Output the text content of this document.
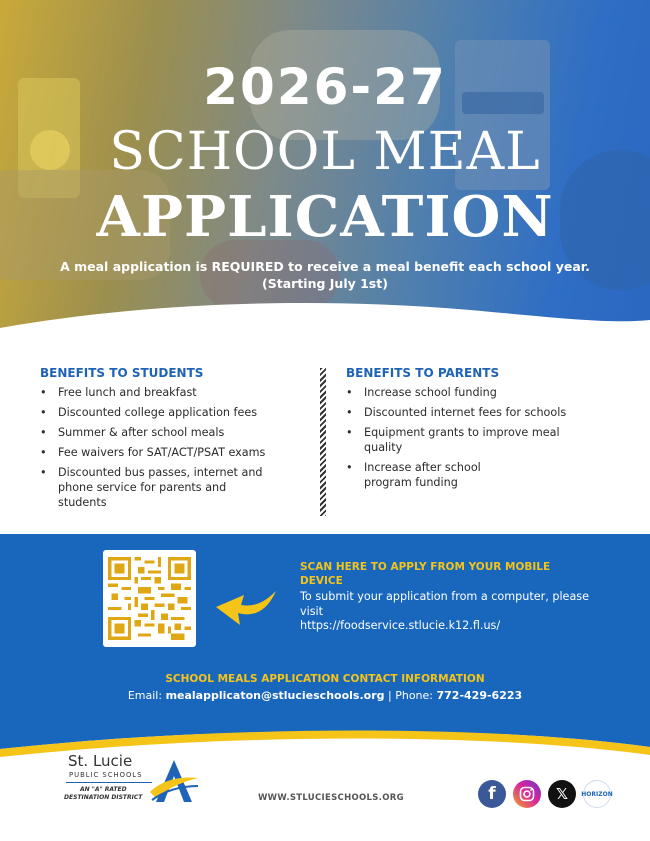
2026-27
SCHOOL MEAL
APPLICATION
A meal application is REQUIRED to receive a meal benefit each school year.
(Starting July 1st)
BENEFITS TO STUDENTS
• Free lunch and breakfast
• Discounted college application fees
• Summer & after school meals
• Fee waivers for SAT/ACT/PSAT exams
• Discounted bus passes, internet and phone service for parents and students
BENEFITS TO PARENTS
• Increase school funding
• Discounted internet fees for schools
• Equipment grants to improve meal quality
• Increase after school program funding
SCAN HERE TO APPLY FROM YOUR MOBILE DEVICE
To submit your application from a computer, please visit
https://foodservice.stlucie.k12.fl.us/
SCHOOL MEALS APPLICATION CONTACT INFORMATION
Email: mealapplicaton@stlucieschools.org | Phone: 772-429-6223
St. Lucie
PUBLIC SCHOOLS
AN "A" RATED
DESTINATION DISTRICT	WWW.STLUCIESCHOOLS.ORG	f	𝕏	HORIZON
